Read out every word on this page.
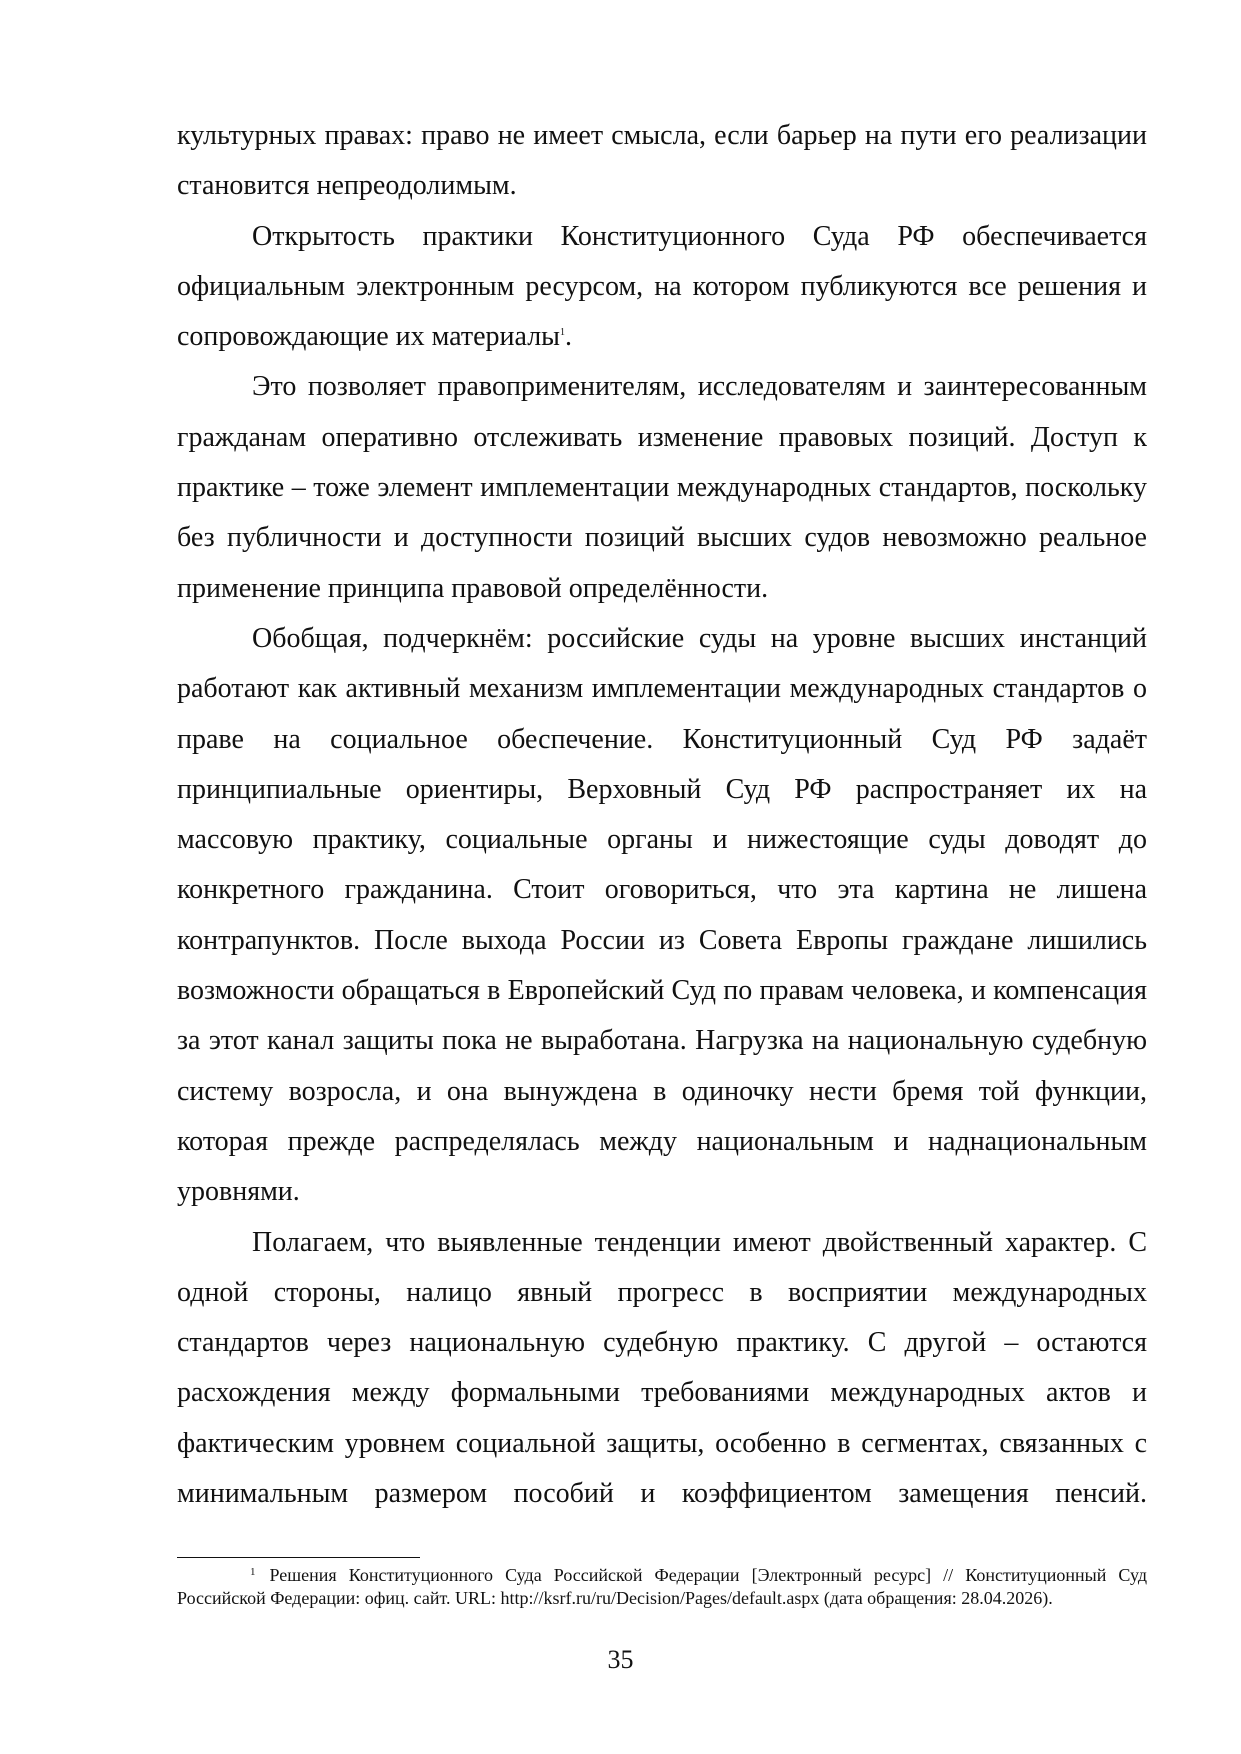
культурных правах: право не имеет смысла, если барьер на пути его реализации становится непреодолимым.

Открытость практики Конституционного Суда РФ обеспечивается официальным электронным ресурсом, на котором публикуются все решения и сопровождающие их материалы$^1$.

Это позволяет правоприменителям, исследователям и заинтересованным гражданам оперативно отслеживать изменение правовых позиций. Доступ к практике – тоже элемент имплементации международных стандартов, поскольку без публичности и доступности позиций высших судов невозможно реальное применение принципа правовой определённости.

Обобщая, подчеркнём: российские суды на уровне высших инстанций работают как активный механизм имплементации международных стандартов о праве на социальное обеспечение. Конституционный Суд РФ задаёт принципиальные ориентиры, Верховный Суд РФ распространяет их на массовую практику, социальные органы и нижестоящие суды доводят до конкретного гражданина. Стоит оговориться, что эта картина не лишена контрапунктов. После выхода России из Совета Европы граждане лишились возможности обращаться в Европейский Суд по правам человека, и компенсация за этот канал защиты пока не выработана. Нагрузка на национальную судебную систему возросла, и она вынуждена в одиночку нести бремя той функции, которая прежде распределялась между национальным и наднациональным уровнями.

Полагаем, что выявленные тенденции имеют двойственный характер. С одной стороны, налицо явный прогресс в восприятии международных стандартов через национальную судебную практику. С другой – остаются расхождения между формальными требованиями международных актов и фактическим уровнем социальной защиты, особенно в сегментах, связанных с минимальным размером пособий и коэффициентом замещения пенсий.

$^1$ Решения Конституционного Суда Российской Федерации [Электронный ресурс] // Конституционный Суд Российской Федерации: офиц. сайт. URL: http://ksrf.ru/ru/Decision/Pages/default.aspx (дата обращения: 28.04.2026).

35
